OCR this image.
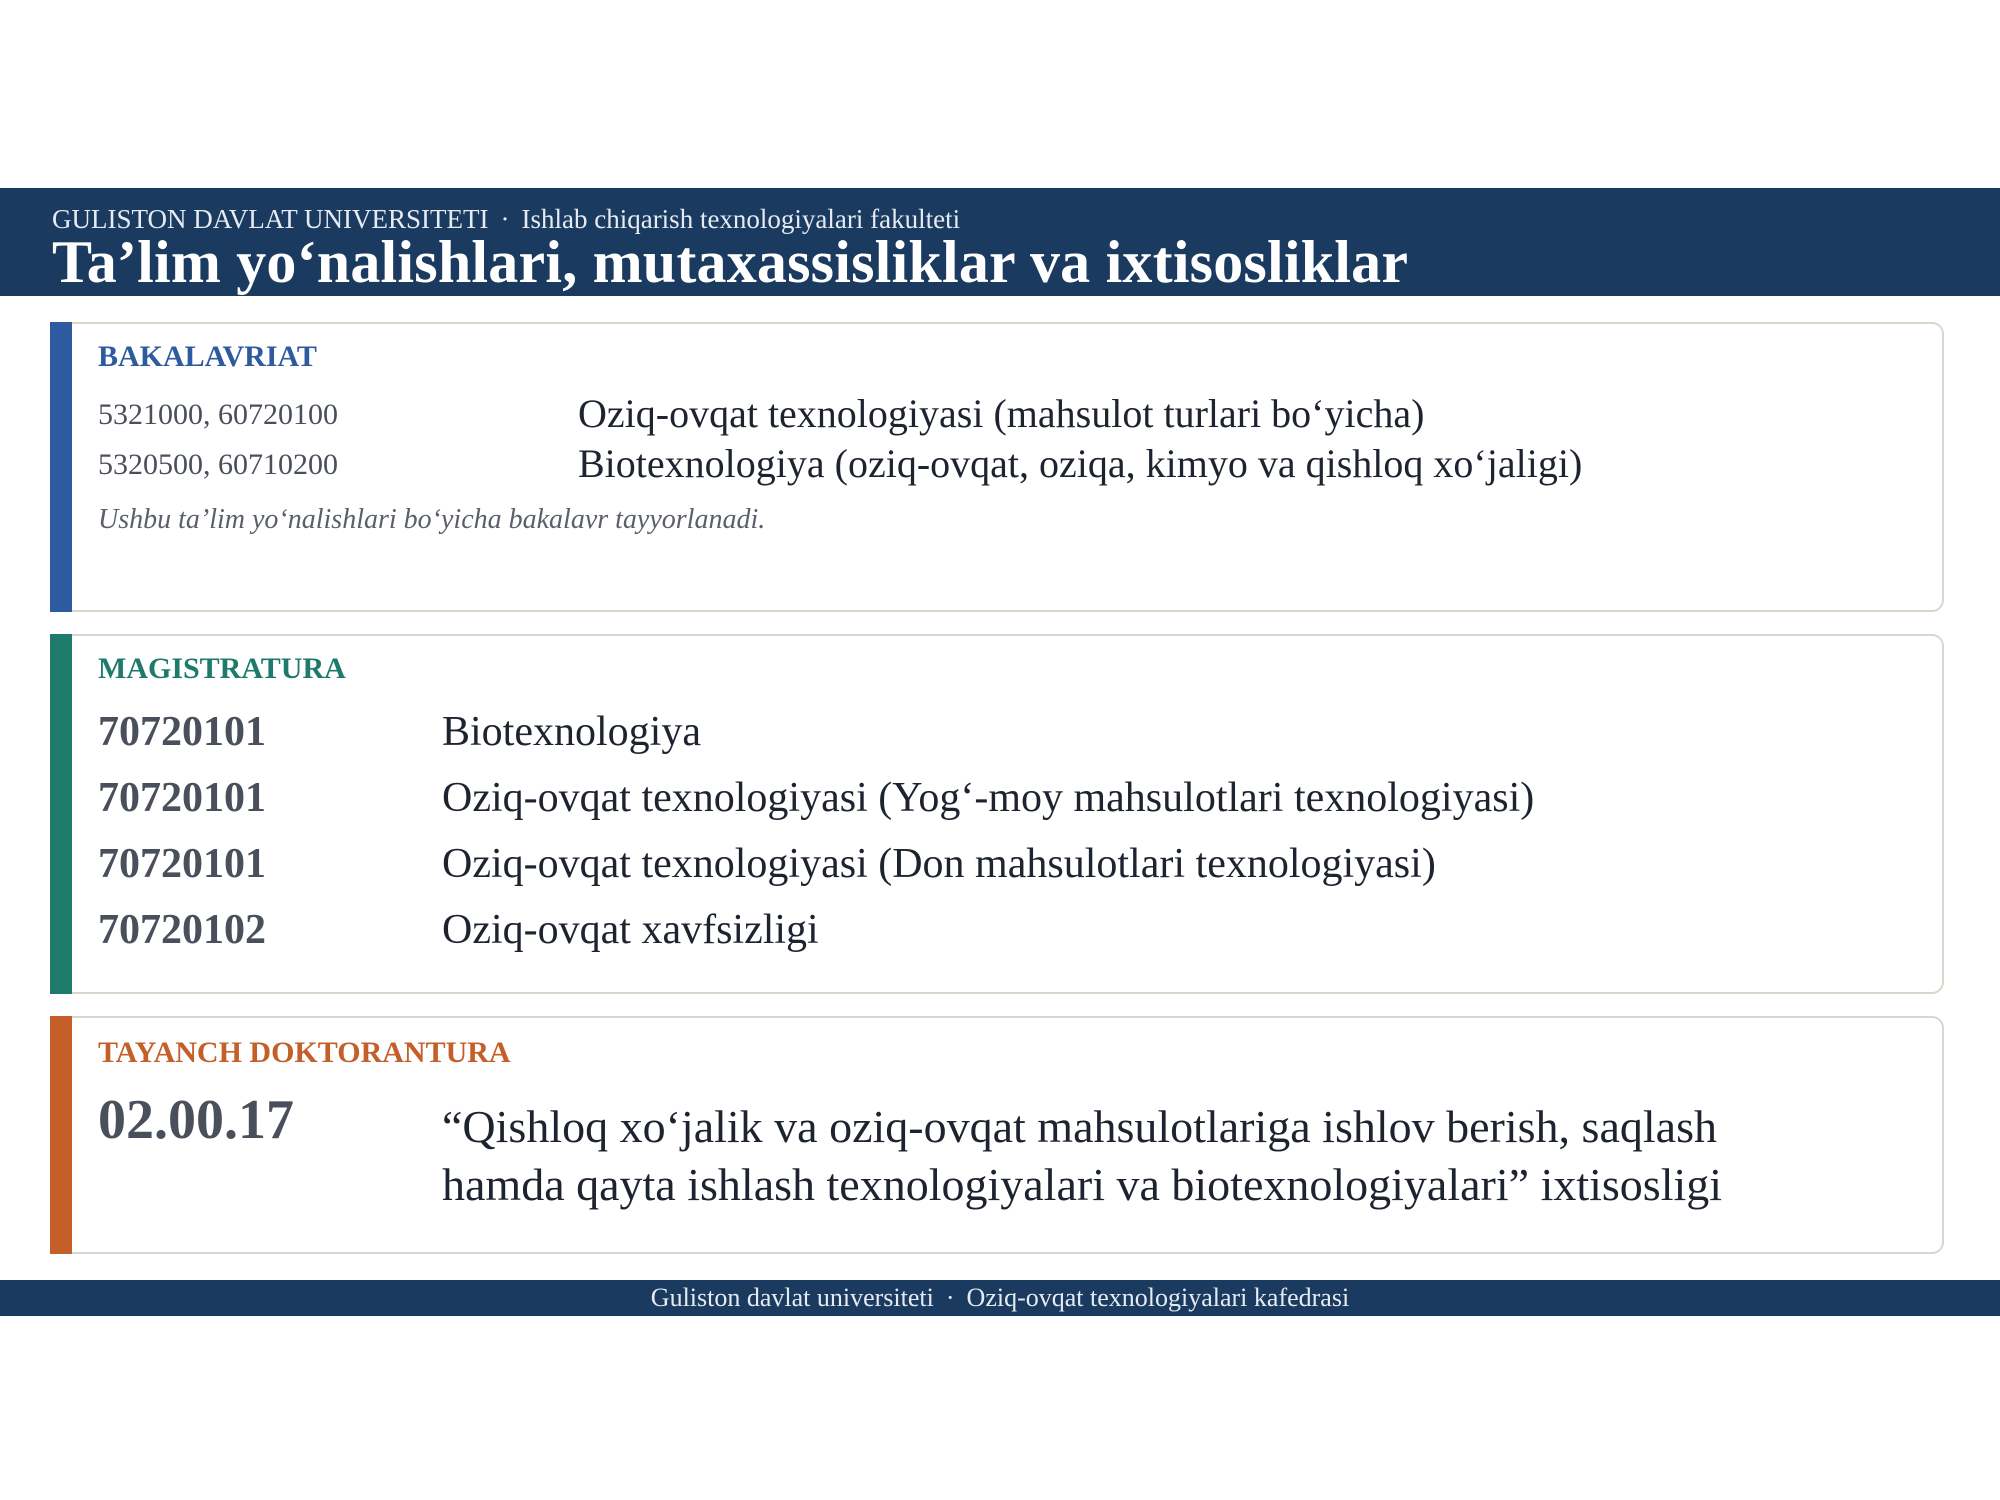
GULISTON DAVLAT UNIVERSITETI · Ishlab chiqarish texnologiyalari fakulteti
Ta’lim yo‘nalishlari, mutaxassisliklar va ixtisosliklar
BAKALAVRIAT
5321000, 60720100	Oziq-ovqat texnologiyasi (mahsulot turlari bo‘yicha)
5320500, 60710200	Biotexnologiya (oziq-ovqat, oziqa, kimyo va qishloq xo‘jaligi)
Ushbu ta’lim yo‘nalishlari bo‘yicha bakalavr tayyorlanadi.
MAGISTRATURA
70720101	Biotexnologiya
70720101	Oziq-ovqat texnologiyasi (Yog‘-moy mahsulotlari texnologiyasi)
70720101	Oziq-ovqat texnologiyasi (Don mahsulotlari texnologiyasi)
70720102	Oziq-ovqat xavfsizligi
TAYANCH DOKTORANTURA
02.00.17	“Qishloq xo‘jalik va oziq-ovqat mahsulotlariga ishlov berish, saqlash
hamda qayta ishlash texnologiyalari va biotexnologiyalari” ixtisosligi
Guliston davlat universiteti · Oziq-ovqat texnologiyalari kafedrasi
